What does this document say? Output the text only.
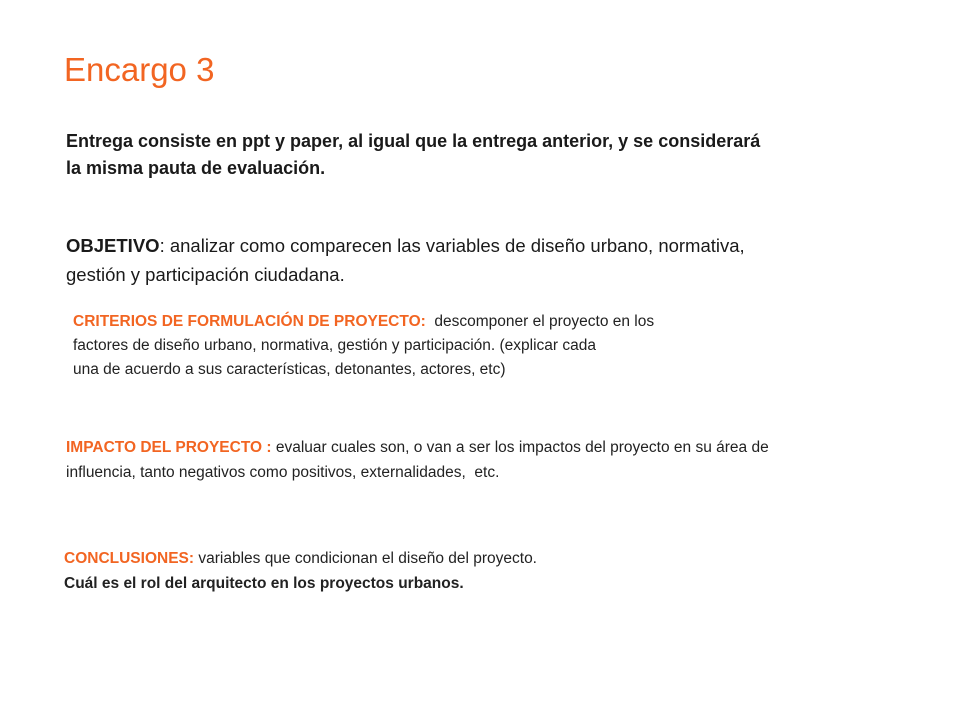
Encargo 3
Entrega consiste en ppt y paper, al igual que la entrega anterior, y se considerará
la misma pauta de evaluación.
OBJETIVO: analizar como comparecen las variables de diseño urbano, normativa,
gestión y participación ciudadana.
CRITERIOS DE FORMULACIÓN DE PROYECTO:  descomponer el proyecto en los
factores de diseño urbano, normativa, gestión y participación. (explicar cada
una de acuerdo a sus características, detonantes, actores, etc)
IMPACTO DEL PROYECTO : evaluar cuales son, o van a ser los impactos del proyecto en su área de
influencia, tanto negativos como positivos, externalidades,  etc.
CONCLUSIONES: variables que condicionan el diseño del proyecto.
Cuál es el rol del arquitecto en los proyectos urbanos.
